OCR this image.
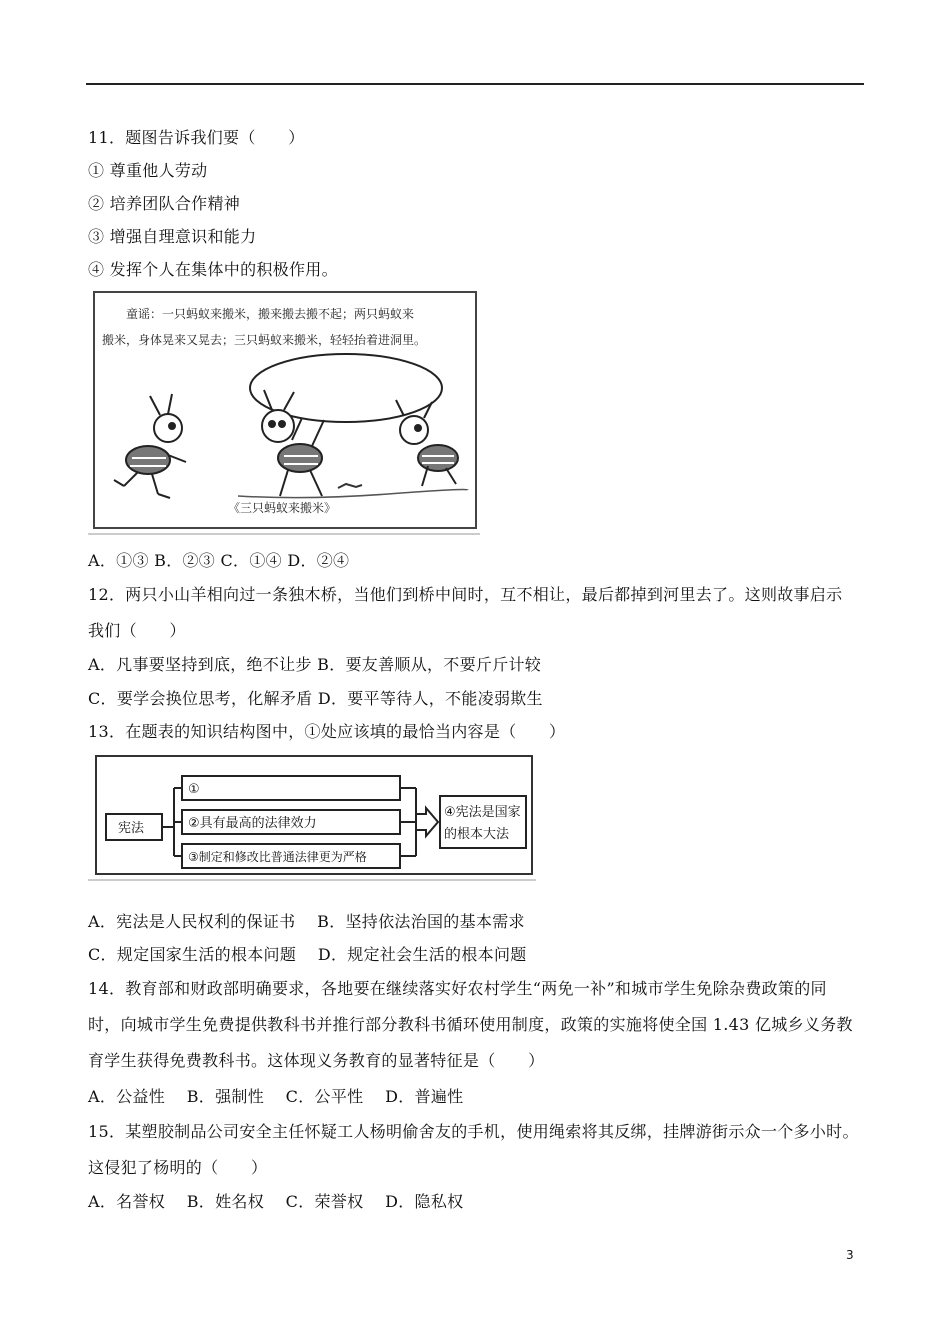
11．题图告诉我们要（　　）
① 尊重他人劳动
② 培养团队合作精神
③ 增强自理意识和能力
④ 发挥个人在集体中的积极作用。
童谣：一只蚂蚁来搬米，搬来搬去搬不起；两只蚂蚁来
搬米，身体晃来又晃去；三只蚂蚁来搬米，轻轻抬着进洞里。
《三只蚂蚁来搬米》
A．①③ B．②③ C．①④ D．②④
12．两只小山羊相向过一条独木桥，当他们到桥中间时，互不相让，最后都掉到河里去了。这则故事启示
我们（　　）
A．凡事要坚持到底，绝不让步 B．要友善顺从，不要斤斤计较
C．要学会换位思考，化解矛盾 D．要平等待人，不能凌弱欺生
13．在题表的知识结构图中，①处应该填的最恰当内容是（　　）
宪法
①
②具有最高的法律效力
③制定和修改比普通法律更为严格
④宪法是国家
的根本大法
A．宪法是人民权利的保证书　 B．坚持依法治国的基本需求
C．规定国家生活的根本问题　 D．规定社会生活的根本问题
14．教育部和财政部明确要求，各地要在继续落实好农村学生“两免一补”和城市学生免除杂费政策的同
时，向城市学生免费提供教科书并推行部分教科书循环使用制度，政策的实施将使全国 1.43 亿城乡义务教
育学生获得免费教科书。这体现义务教育的显著特征是（　　）
A．公益性　 B．强制性　 C．公平性　 D．普遍性
15．某塑胶制品公司安全主任怀疑工人杨明偷舍友的手机，使用绳索将其反绑，挂牌游街示众一个多小时。
这侵犯了杨明的（　　）
A．名誉权　 B．姓名权　 C．荣誉权　 D．隐私权
3
